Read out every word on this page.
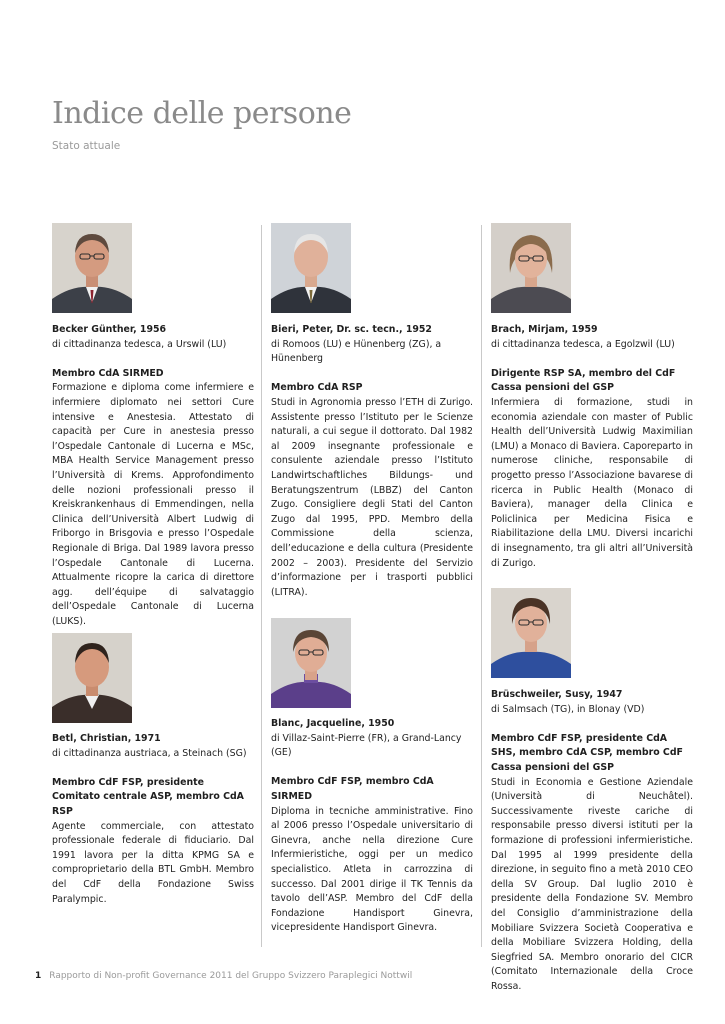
Indice delle persone
Stato attuale
Becker Günther, 1956
di cittadinanza tedesca, a Urswil (LU)
Membro CdA SIRMED
Formazione e diploma come infermiere e infermiere diplomato nei settori Cure intensive e Anestesia. Attestato di capacità per Cure in anestesia presso l’Ospedale Cantonale di Lucerna e MSc, MBA Health Service Management presso l’Università di Krems. Approfondimento delle nozioni professionali presso il Kreiskrankenhaus di Emmendingen, nella Clinica dell’Università Albert Ludwig di Friborgo in Brisgovia e presso l’Ospedale Regionale di Briga. Dal 1989 lavora presso l’Ospedale Cantonale di Lucerna. Attualmente ricopre la carica di direttore agg. dell’équipe di salvataggio dell’Ospedale Cantonale di Lucerna (LUKS).
Bieri, Peter, Dr. sc. tecn., 1952
di Romoos (LU) e Hünenberg (ZG), a Hünenberg
Membro CdA RSP
Studi in Agronomia presso l’ETH di Zurigo. Assistente presso l’Istituto per le Scienze naturali, a cui segue il dottorato. Dal 1982 al 2009 insegnante professionale e consulente aziendale presso l’Istituto Landwirtschaftliches Bildungs- und Beratungszentrum (LBBZ) del Canton Zugo. Consigliere degli Stati del Canton Zugo dal 1995, PPD. Membro della Commissione della scienza, dell’educazione e della cultura (Presidente 2002 – 2003). Presidente del Servizio d’informazione per i trasporti pubblici (LITRA).
Brach, Mirjam, 1959
di cittadinanza tedesca, a Egolzwil (LU)
Dirigente RSP SA, membro del CdF Cassa pensioni del GSP
Infermiera di formazione, studi in economia aziendale con master of Public Health dell’Università Ludwig Maximilian (LMU) a Monaco di Baviera. Caporeparto in numerose cliniche, responsabile di progetto presso l’Associazione bavarese di ricerca in Public Health (Monaco di Baviera), manager della Clinica e Policlinica per Medicina Fisica e Riabilitazione della LMU. Diversi incarichi di insegnamento, tra gli altri all’Università di Zurigo.
Betl, Christian, 1971
di cittadinanza austriaca, a Steinach (SG)
Membro CdF FSP, presidente Comitato centrale ASP, membro CdA RSP
Agente commerciale, con attestato professionale federale di fiduciario. Dal 1991 lavora per la ditta KPMG SA e comproprietario della BTL GmbH. Membro del CdF della Fondazione Swiss Paralympic.
Blanc, Jacqueline, 1950
di Villaz-Saint-Pierre (FR), a Grand-Lancy (GE)
Membro CdF FSP, membro CdA SIRMED
Diploma in tecniche amministrative. Fino al 2006 presso l’Ospedale universitario di Ginevra, anche nella direzione Cure Infermieristiche, oggi per un medico specialistico. Atleta in carrozzina di successo. Dal 2001 dirige il TK Tennis da tavolo dell’ASP. Membro del CdF della Fondazione Handisport Ginevra, vicepresidente Handisport Ginevra.
Brüschweiler, Susy, 1947
di Salmsach (TG), in Blonay (VD)
Membro CdF FSP, presidente CdA SHS, membro CdA CSP, membro CdF Cassa pensioni del GSP
Studi in Economia e Gestione Aziendale (Università di Neuchâtel). Successivamente riveste cariche di responsabile presso diversi istituti per la formazione di professioni infermieristiche. Dal 1995 al 1999 presidente della direzione, in seguito fino a metà 2010 CEO della SV Group. Dal luglio 2010 è presidente della Fondazione SV. Membro del Consiglio d’amministrazione della Mobiliare Svizzera Società Cooperativa e della Mobiliare Svizzera Holding, della Siegfried SA. Membro onorario del CICR (Comitato Internazionale della Croce Rossa.
1 Rapporto di Non-profit Governance 2011 del Gruppo Svizzero Paraplegici Nottwil
